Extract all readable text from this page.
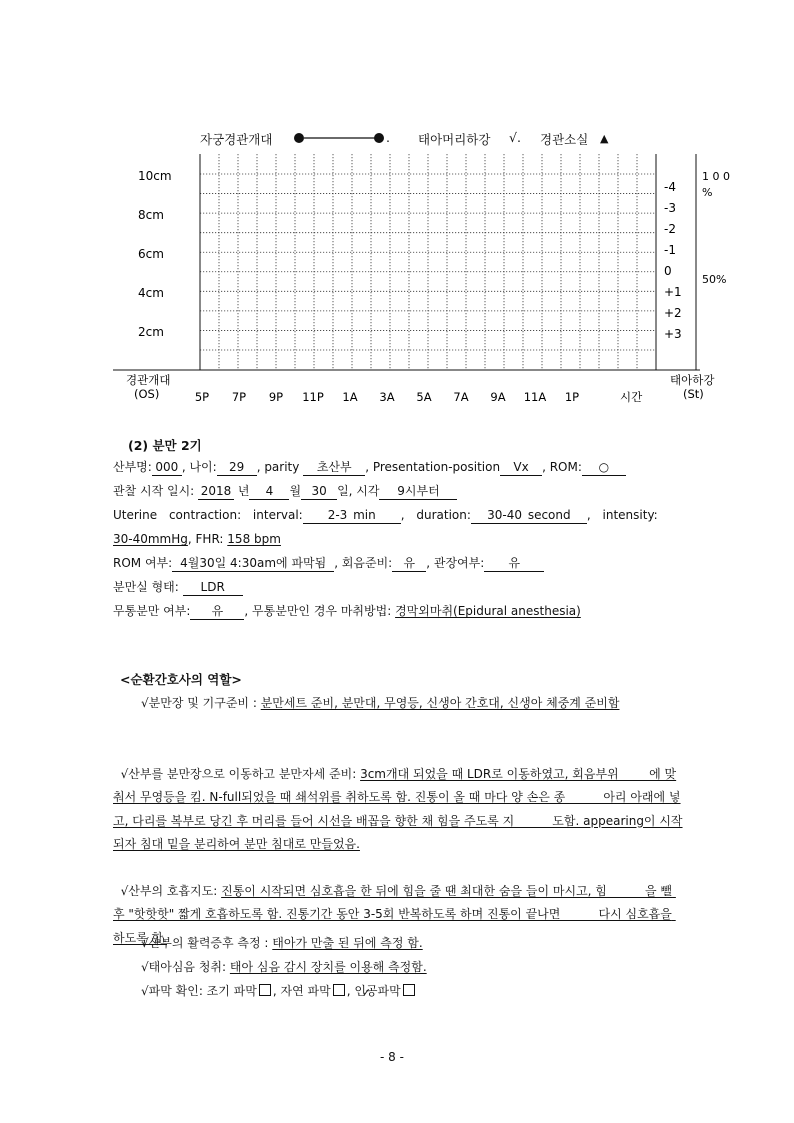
자궁경관개대	. 태아머리하강 √. 경관소실 ▲
10cm
8cm
6cm
4cm
2cm
-4
-3
-2
-1
0
+1
+2
+3
5P 7P 9P 11P 1A 3A 5A 7A 9A 11A 1P
경관개대
(OS)
태아하강
(St)
시간
1 0 0
%
50%
(2) 분만 2기
산부명: 000 , 나이: 29 , parity 초산부 , Presentation-position Vx , ROM: ○
관찰 시작 일시: 2018 년 4 월 30 일, 시각 9시부터
Uterine contraction: interval: 2-3 min , duration: 30-40 second , intensity:
30-40mmHg, FHR: 158 bpm
ROM 여부: 4월30일 4:30am에 파막됨 , 회음준비: 유 , 관장여부: 유
분만실 형태: LDR
무통분만 여부: 유 , 무통분만인 경우 마취방법: 경막외마취(Epidural anesthesia)
<순환간호사의 역할>
√분만장 및 기구준비 : 분만세트 준비, 분만대, 무영등, 신생아 간호대, 신생아 체중계 준비함

√산부를 분만장으로 이동하고 분만자세 준비: 3cm개대 되었을 때 LDR로 이동하였고, 회음부위        에 맞춰서 무영등을 킴. N-full되었을 때 쇄석위를 취하도록 함. 진통이 올 때 마다 양 손은 종          아리 아래에 넣고, 다리를 복부로 당긴 후 머리를 들어 시선을 배꼽을 향한 채 힘을 주도록 지          도함. appearing이 시작되자 침대 밑을 분리하여 분만 침대로 만들었음.

√산부의 호흡지도: 진통이 시작되면 심호흡을 한 뒤에 힘을 줄 땐 최대한 숨을 들이 마시고, 힘          을 뺄 후 "핫핫핫" 짧게 호흡하도록 함. 진통기간 동안 3-5회 반복하도록 하며 진통이 끝나면          다시 심호흡을 하도록 함.

√산부의 활력증후 측정 : 태아가 만출 된 뒤에 측정 함.
√태아심음 청취: 태아 심음 감시 장치를 이용해 측정함.
√파막 확인: 조기 파막 , 자연 파막✓ , 인공파막
- 8 -
